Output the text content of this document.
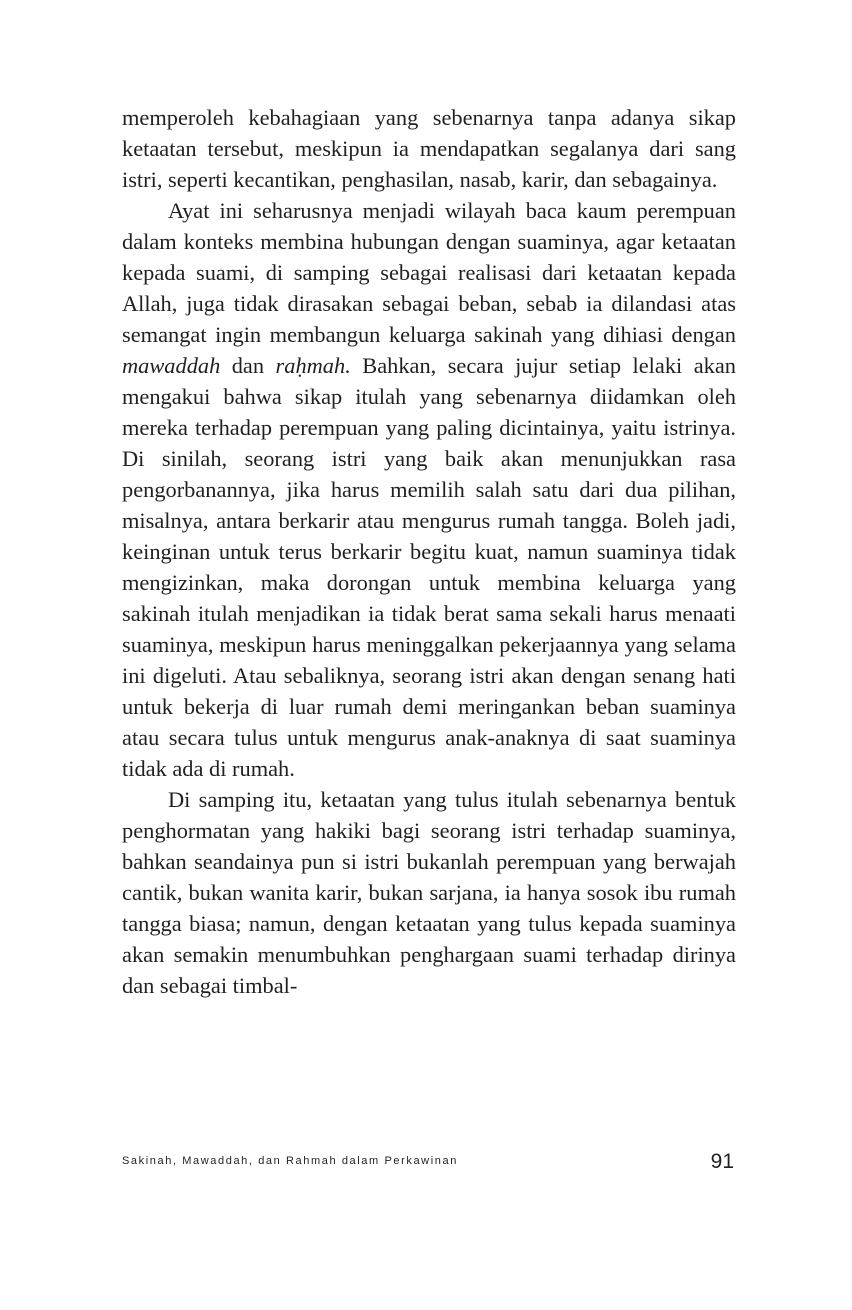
memperoleh kebahagiaan yang sebenarnya tanpa adanya sikap ketaatan tersebut, meskipun ia mendapatkan segalanya dari sang istri, seperti kecantikan, penghasilan, nasab, karir, dan sebagainya.

Ayat ini seharusnya menjadi wilayah baca kaum perempuan dalam konteks membina hubungan dengan suaminya, agar ketaatan kepada suami, di samping sebagai realisasi dari ketaatan kepada Allah, juga tidak dirasakan sebagai beban, sebab ia dilandasi atas semangat ingin membangun keluarga sakinah yang dihiasi dengan mawaddah dan raḥmah. Bahkan, secara jujur setiap lelaki akan mengakui bahwa sikap itulah yang sebenarnya diidamkan oleh mereka terhadap perempuan yang paling dicintainya, yaitu istrinya. Di sinilah, seorang istri yang baik akan menunjukkan rasa pengorbanannya, jika harus memilih salah satu dari dua pilihan, misalnya, antara berkarir atau mengurus rumah tangga. Boleh jadi, keinginan untuk terus berkarir begitu kuat, namun suaminya tidak mengizinkan, maka dorongan untuk membina keluarga yang sakinah itulah menjadikan ia tidak berat sama sekali harus menaati suaminya, meskipun harus meninggalkan pekerjaannya yang selama ini digeluti. Atau sebaliknya, seorang istri akan dengan senang hati untuk bekerja di luar rumah demi meringankan beban suaminya atau secara tulus untuk mengurus anak-anaknya di saat suaminya tidak ada di rumah.

Di samping itu, ketaatan yang tulus itulah sebenarnya bentuk penghormatan yang hakiki bagi seorang istri terhadap suaminya, bahkan seandainya pun si istri bukanlah perempuan yang berwajah cantik, bukan wanita karir, bukan sarjana, ia hanya sosok ibu rumah tangga biasa; namun, dengan ketaatan yang tulus kepada suaminya akan semakin menumbuhkan penghargaan suami terhadap dirinya dan sebagai timbal-

Sakinah, Mawaddah, dan Rahmah dalam Perkawinan	91
